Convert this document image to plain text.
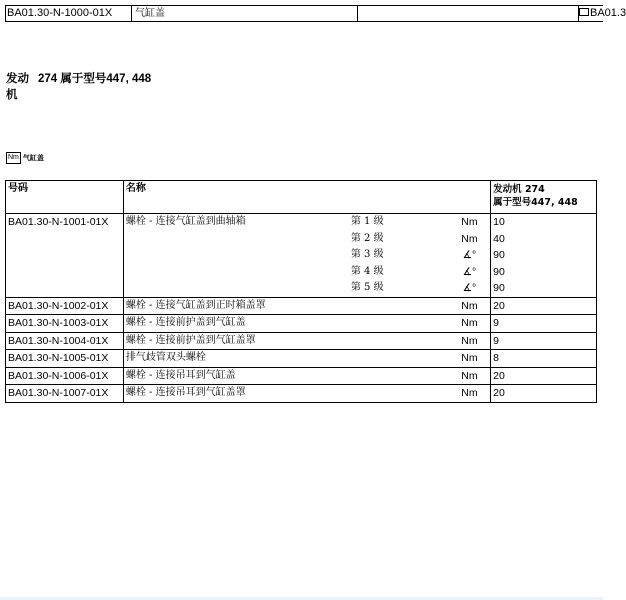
BA01.30-N-1000-01X	气缸盖	BA01.3
发动
机
274 属于型号447, 448
Nm 气缸盖
号码	名称			发动机 274
属于型号447, 448

BA01.30-N-1001-01X	螺栓 - 连接气缸盖到曲轴箱	第 1 级	Nm	10
		第 2 级	Nm	40
		第 3 级	∡°	90
		第 4 级	∡°	90
		第 5 级	∡°	90
BA01.30-N-1002-01X	螺栓 - 连接气缸盖到正时箱盖罩		Nm	20
BA01.30-N-1003-01X	螺栓 - 连接前护盖到气缸盖		Nm	9
BA01.30-N-1004-01X	螺栓 - 连接前护盖到气缸盖罩		Nm	9
BA01.30-N-1005-01X	排气歧管双头螺栓		Nm	8
BA01.30-N-1006-01X	螺栓 - 连接吊耳到气缸盖		Nm	20
BA01.30-N-1007-01X	螺栓 - 连接吊耳到气缸盖罩		Nm	20
